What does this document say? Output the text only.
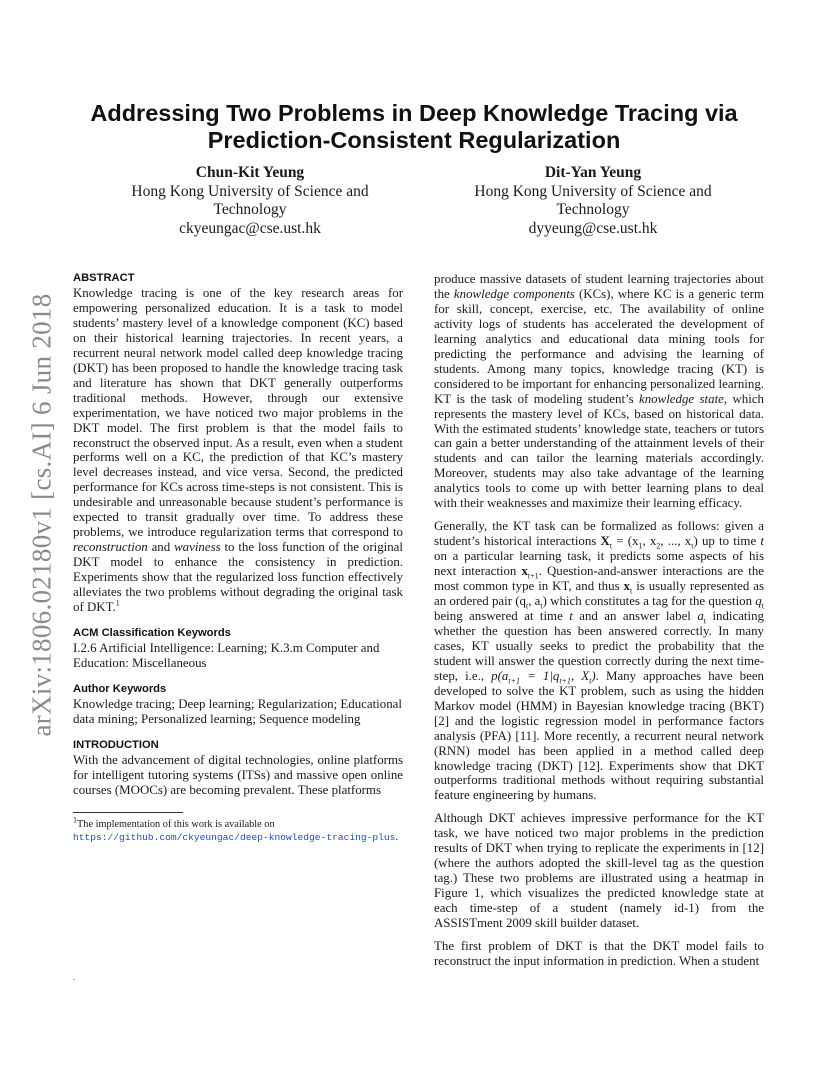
Addressing Two Problems in Deep Knowledge Tracing via
Prediction-Consistent Regularization
Chun-Kit Yeung
Hong Kong University of Science and
Technology
ckyeungac@cse.ust.hk
Dit-Yan Yeung
Hong Kong University of Science and
Technology
dyyeung@cse.ust.hk
arXiv:1806.02180v1 [cs.AI] 6 Jun 2018
ABSTRACT

Knowledge tracing is one of the key research areas for empowering personalized education. It is a task to model students’ mastery level of a knowledge component (KC) based on their historical learning trajectories. In recent years, a recurrent neural network model called deep knowledge tracing (DKT) has been proposed to handle the knowledge tracing task and literature has shown that DKT generally outperforms traditional methods. However, through our extensive experimentation, we have noticed two major problems in the DKT model. The first problem is that the model fails to reconstruct the observed input. As a result, even when a student performs well on a KC, the prediction of that KC’s mastery level decreases instead, and vice versa. Second, the predicted performance for KCs across time-steps is not consistent. This is undesirable and unreasonable because student’s performance is expected to transit gradually over time. To address these problems, we introduce regularization terms that correspond to reconstruction and waviness to the loss function of the original DKT model to enhance the consistency in prediction. Experiments show that the regularized loss function effectively alleviates the two problems without degrading the original task of DKT.$^1$

ACM Classification Keywords

I.2.6 Artificial Intelligence: Learning; K.3.m Computer and Education: Miscellaneous

Author Keywords

Knowledge tracing; Deep learning; Regularization; Educational data mining; Personalized learning; Sequence modeling

INTRODUCTION

With the advancement of digital technologies, online platforms for intelligent tutoring systems (ITSs) and massive open online courses (MOOCs) are becoming prevalent. These platforms

$^1$The implementation of this work is available on https://github.com/ckyeungac/deep-knowledge-tracing-plus.

produce massive datasets of student learning trajectories about the knowledge components (KCs), where KC is a generic term for skill, concept, exercise, etc. The availability of online activity logs of students has accelerated the development of learning analytics and educational data mining tools for predicting the performance and advising the learning of students. Among many topics, knowledge tracing (KT) is considered to be important for enhancing personalized learning. KT is the task of modeling student’s knowledge state, which represents the mastery level of KCs, based on historical data. With the estimated students’ knowledge state, teachers or tutors can gain a better understanding of the attainment levels of their students and can tailor the learning materials accordingly. Moreover, students may also take advantage of the learning analytics tools to come up with better learning plans to deal with their weaknesses and maximize their learning efficacy.

Generally, the KT task can be formalized as follows: given a student’s historical interactions $X_t = (x_1$, $x_2$, ..., $x_t$) up to time t on a particular learning task, it predicts some aspects of his next interaction $x_{t+1}$. Question-and-answer interactions are the most common type in KT, and thus $x_t$ is usually represented as an ordered pair ($q_t$, $a_t$) which constitutes a tag for the question $q_t$ being answered at time t and an answer label $a_t$ indicating whether the question has been answered correctly. In many cases, KT usually seeks to predict the probability that the student will answer the question correctly during the next time-step, i.e., $p(a_{t+1} = 1|q_{t+1}$, $X_t$). Many approaches have been developed to solve the KT problem, such as using the hidden Markov model (HMM) in Bayesian knowledge tracing (BKT) [2] and the logistic regression model in performance factors analysis (PFA) [11]. More recently, a recurrent neural network (RNN) model has been applied in a method called deep knowledge tracing (DKT) [12]. Experiments show that DKT outperforms traditional methods without requiring substantial feature engineering by humans.

Although DKT achieves impressive performance for the KT task, we have noticed two major problems in the prediction results of DKT when trying to replicate the experiments in [12] (where the authors adopted the skill-level tag as the question tag.) These two problems are illustrated using a heatmap in Figure 1, which visualizes the predicted knowledge state at each time-step of a student (namely id-1) from the ASSISTment 2009 skill builder dataset.

The first problem of DKT is that the DKT model fails to reconstruct the input information in prediction. When a student

.
